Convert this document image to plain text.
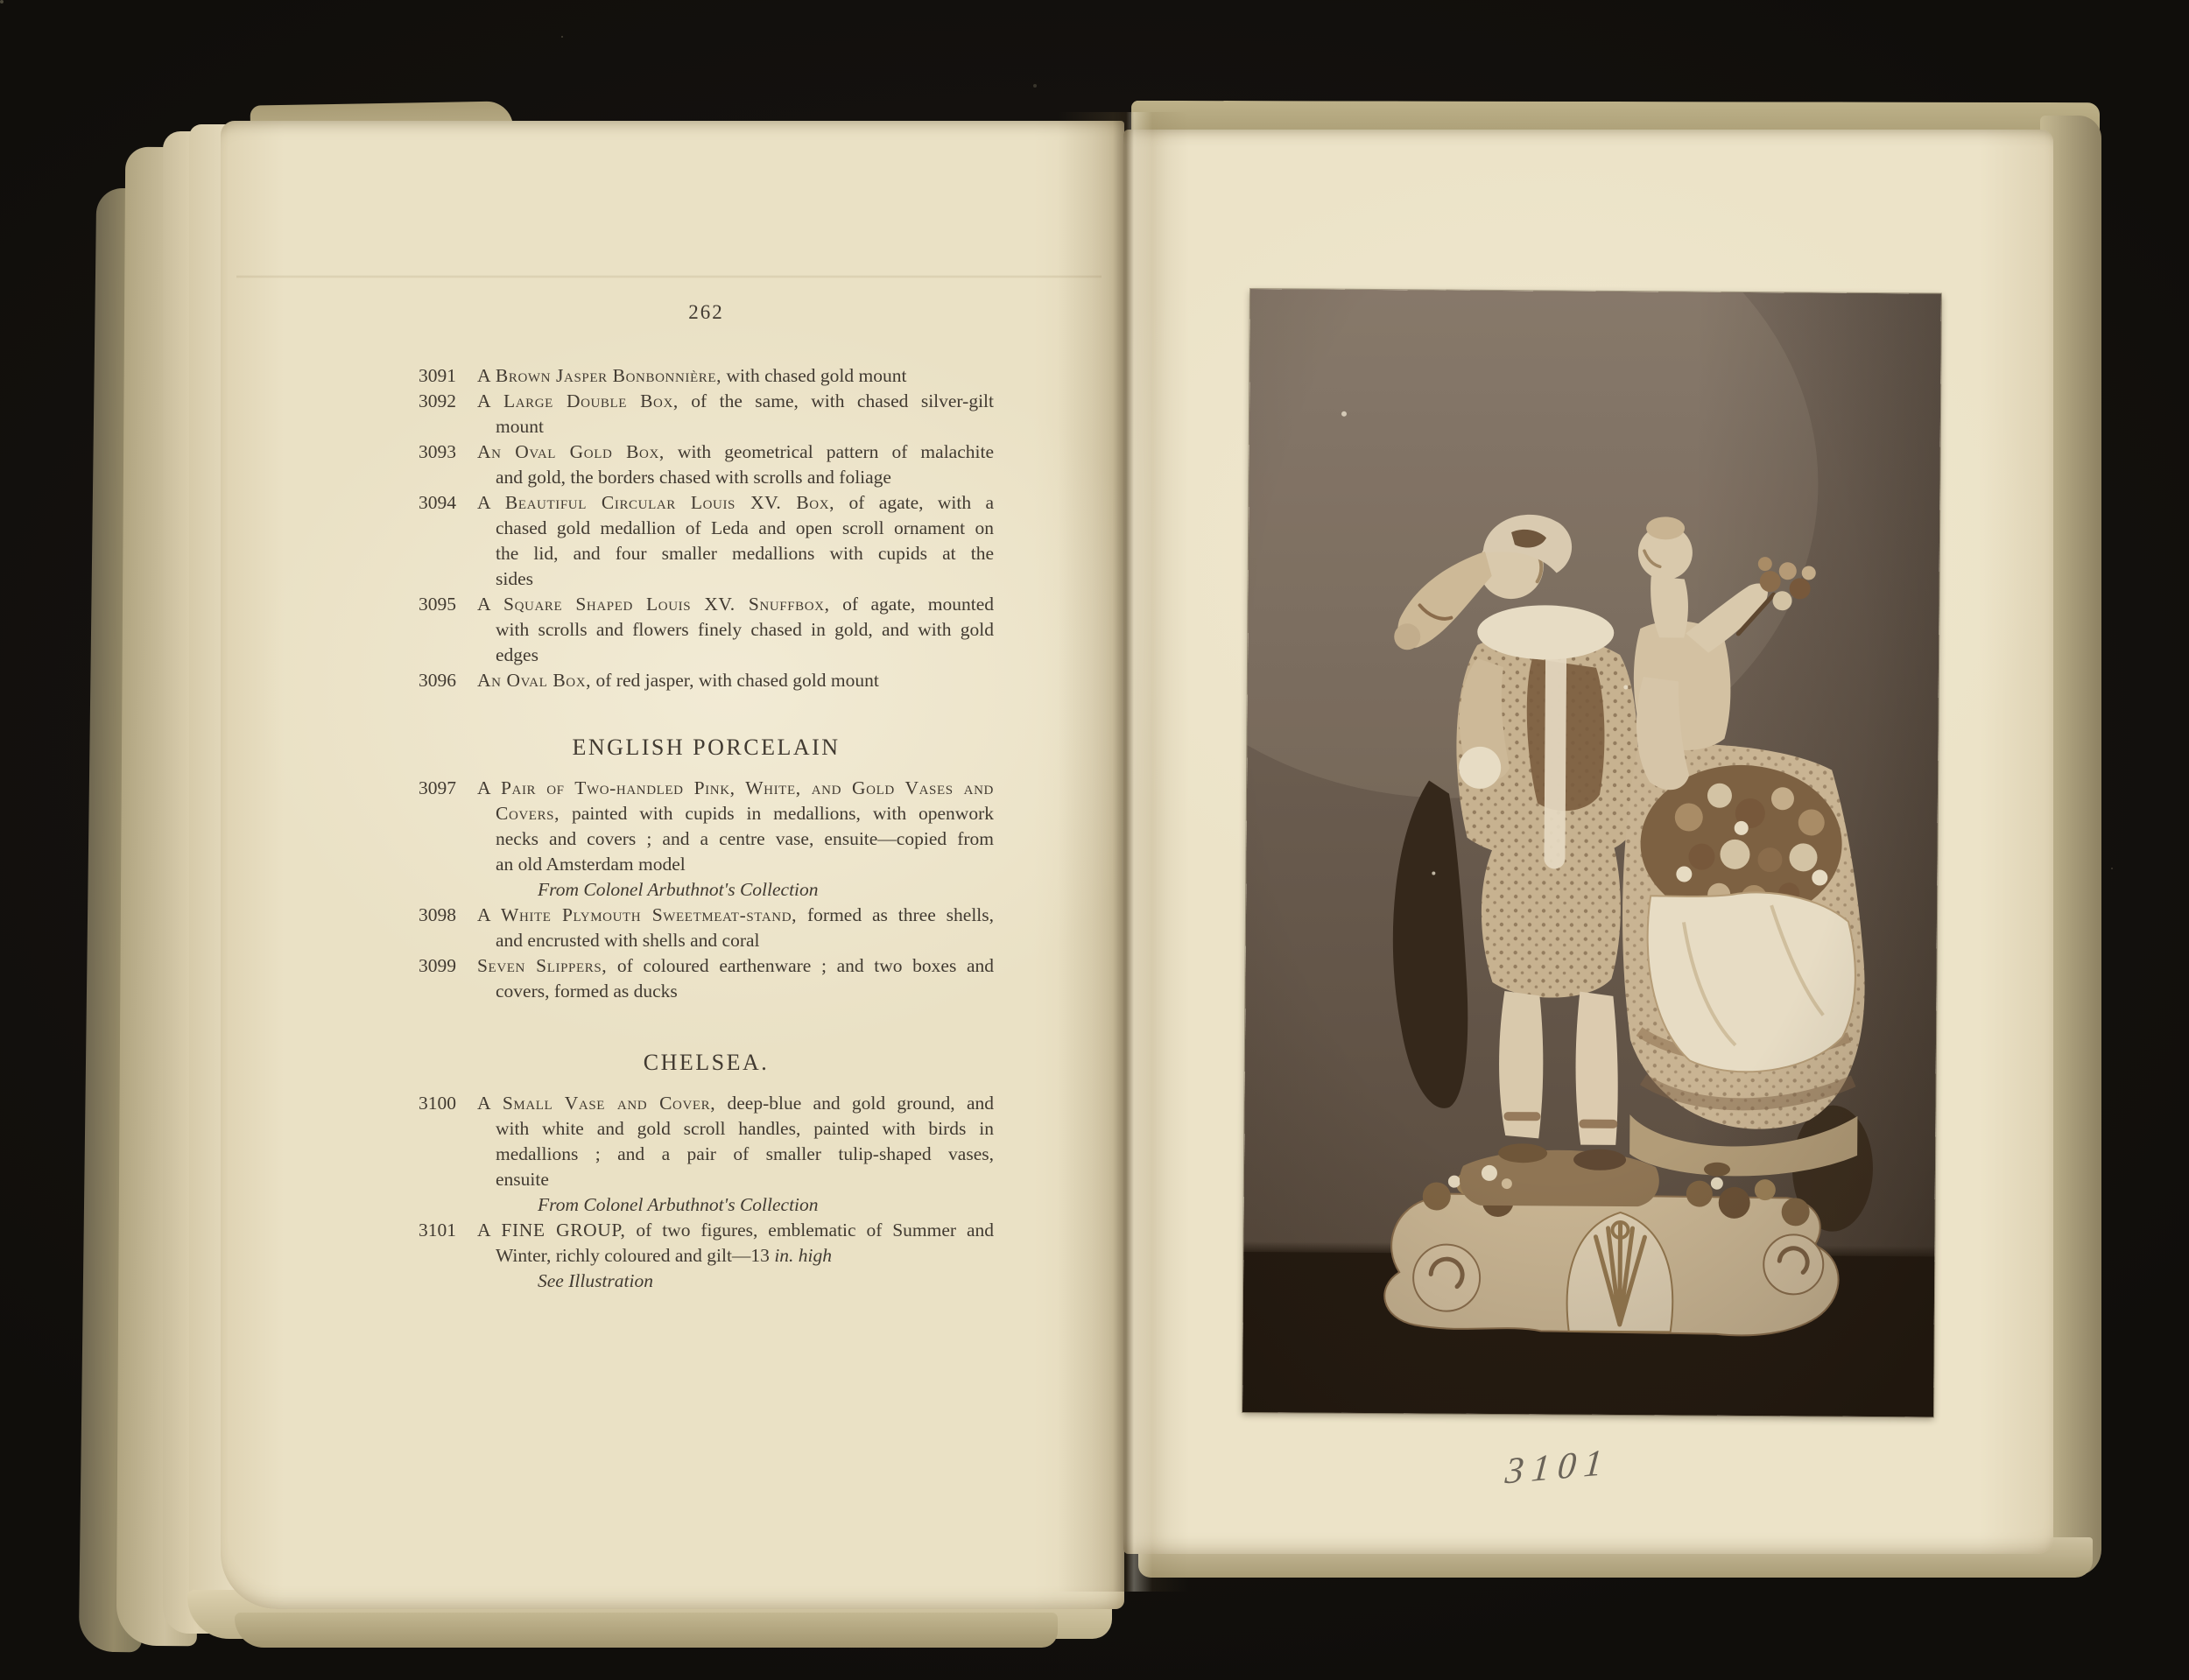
262
3091	A Brown Jasper Bonbonnière, with chased gold mount
3092	A Large Double Box, of the same, with chased silver-gilt
mount
3093	An Oval Gold Box, with geometrical pattern of malachite
and gold, the borders chased with scrolls and foliage
3094	A Beautiful Circular Louis XV. Box, of agate, with a
chased gold medallion of Leda and open scroll ornament on
the lid, and four smaller medallions with cupids at the
sides
3095	A Square Shaped Louis XV. Snuffbox, of agate, mounted
with scrolls and flowers finely chased in gold, and with gold
edges
3096	An Oval Box, of red jasper, with chased gold mount
ENGLISH PORCELAIN
3097	A Pair of Two-handled Pink, White, and Gold Vases and
Covers, painted with cupids in medallions, with openwork
necks and covers ; and a centre vase, ensuite—copied from
an old Amsterdam model
From Colonel Arbuthnot's Collection
3098	A White Plymouth Sweetmeat-stand, formed as three shells,
and encrusted with shells and coral
3099	Seven Slippers, of coloured earthenware ; and two boxes and
covers, formed as ducks
CHELSEA.
3100	A Small Vase and Cover, deep-blue and gold ground, and
with white and gold scroll handles, painted with birds in
medallions ; and a pair of smaller tulip-shaped vases,
ensuite
From Colonel Arbuthnot's Collection
3101	A FINE GROUP, of two figures, emblematic of Summer and
Winter, richly coloured and gilt—13 in. high
See Illustration
3101
